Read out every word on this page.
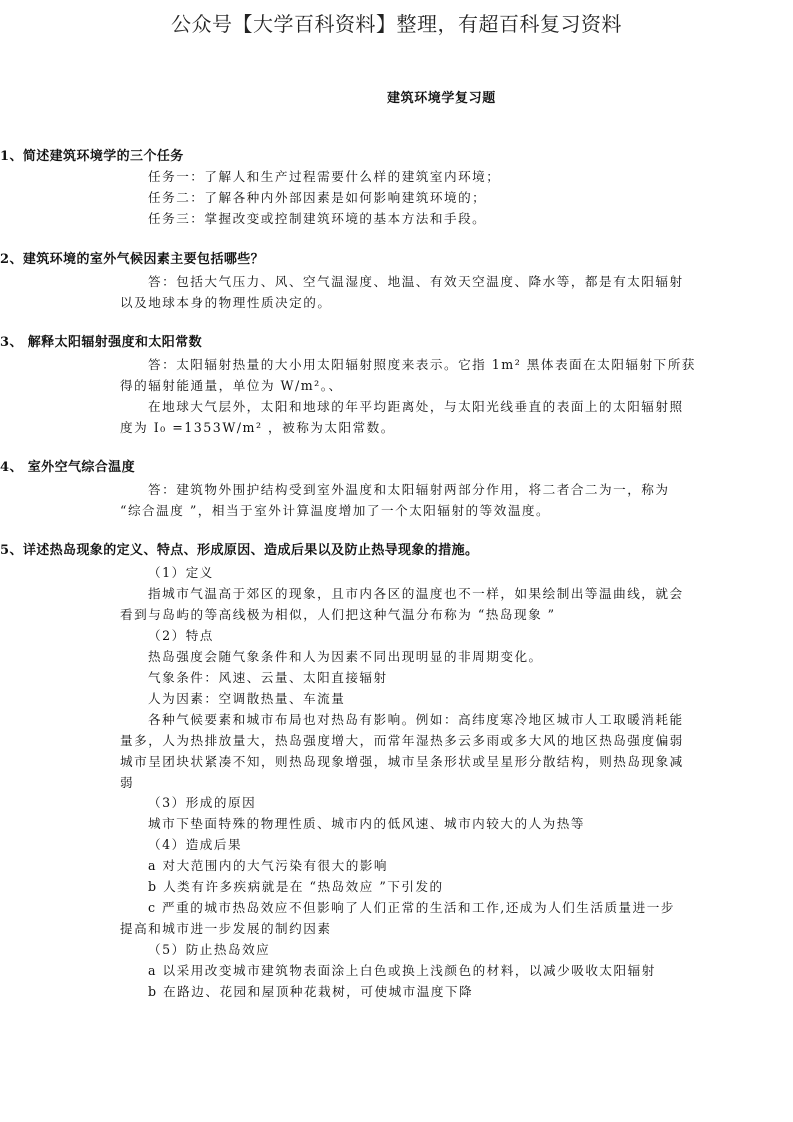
公众号【大学百科资料】整理，有超百科复习资料
建筑环境学复习题
1、简述建筑环境学的三个任务
任务一：了解人和生产过程需要什么样的建筑室内环境；
任务二：了解各种内外部因素是如何影响建筑环境的；
任务三：掌握改变或控制建筑环境的基本方法和手段。
2、建筑环境的室外气候因素主要包括哪些？
答：包括大气压力、风、空气温湿度、地温、有效天空温度、降水等，都是有太阳辐射
以及地球本身的物理性质决定的。
3、 解释太阳辐射强度和太阳常数
答：太阳辐射热量的大小用太阳辐射照度来表示。它指 1m² 黑体表面在太阳辐射下所获
得的辐射能通量，单位为 W/m²。、
在地球大气层外，太阳和地球的年平均距离处，与太阳光线垂直的表面上的太阳辐射照
度为 I₀ =1353W/m² ，被称为太阳常数。
4、 室外空气综合温度
答：建筑物外围护结构受到室外温度和太阳辐射两部分作用，将二者合二为一，称为
“综合温度 ”，相当于室外计算温度增加了一个太阳辐射的等效温度。
5、详述热岛现象的定义、特点、形成原因、造成后果以及防止热导现象的措施。
（1）定义
指城市气温高于郊区的现象，且市内各区的温度也不一样，如果绘制出等温曲线，就会
看到与岛屿的等高线极为相似，人们把这种气温分布称为 “热岛现象 ”
（2）特点
热岛强度会随气象条件和人为因素不同出现明显的非周期变化。
气象条件：风速、云量、太阳直接辐射
人为因素：空调散热量、车流量
各种气候要素和城市布局也对热岛有影响。例如：高纬度寒冷地区城市人工取暖消耗能
量多，人为热排放量大，热岛强度增大，而常年湿热多云多雨或多大风的地区热岛强度偏弱
城市呈团块状紧凑不知，则热岛现象增强，城市呈条形状或呈星形分散结构，则热岛现象减
弱
（3）形成的原因
城市下垫面特殊的物理性质、城市内的低风速、城市内较大的人为热等
（4）造成后果
a 对大范围内的大气污染有很大的影响
b 人类有许多疾病就是在 “热岛效应 ”下引发的
c 严重的城市热岛效应不但影响了人们正常的生活和工作,还成为人们生活质量进一步
提高和城市进一步发展的制约因素
（5）防止热岛效应
a 以采用改变城市建筑物表面涂上白色或换上浅颜色的材料，以减少吸收太阳辐射
b 在路边、花园和屋顶种花栽树，可使城市温度下降
